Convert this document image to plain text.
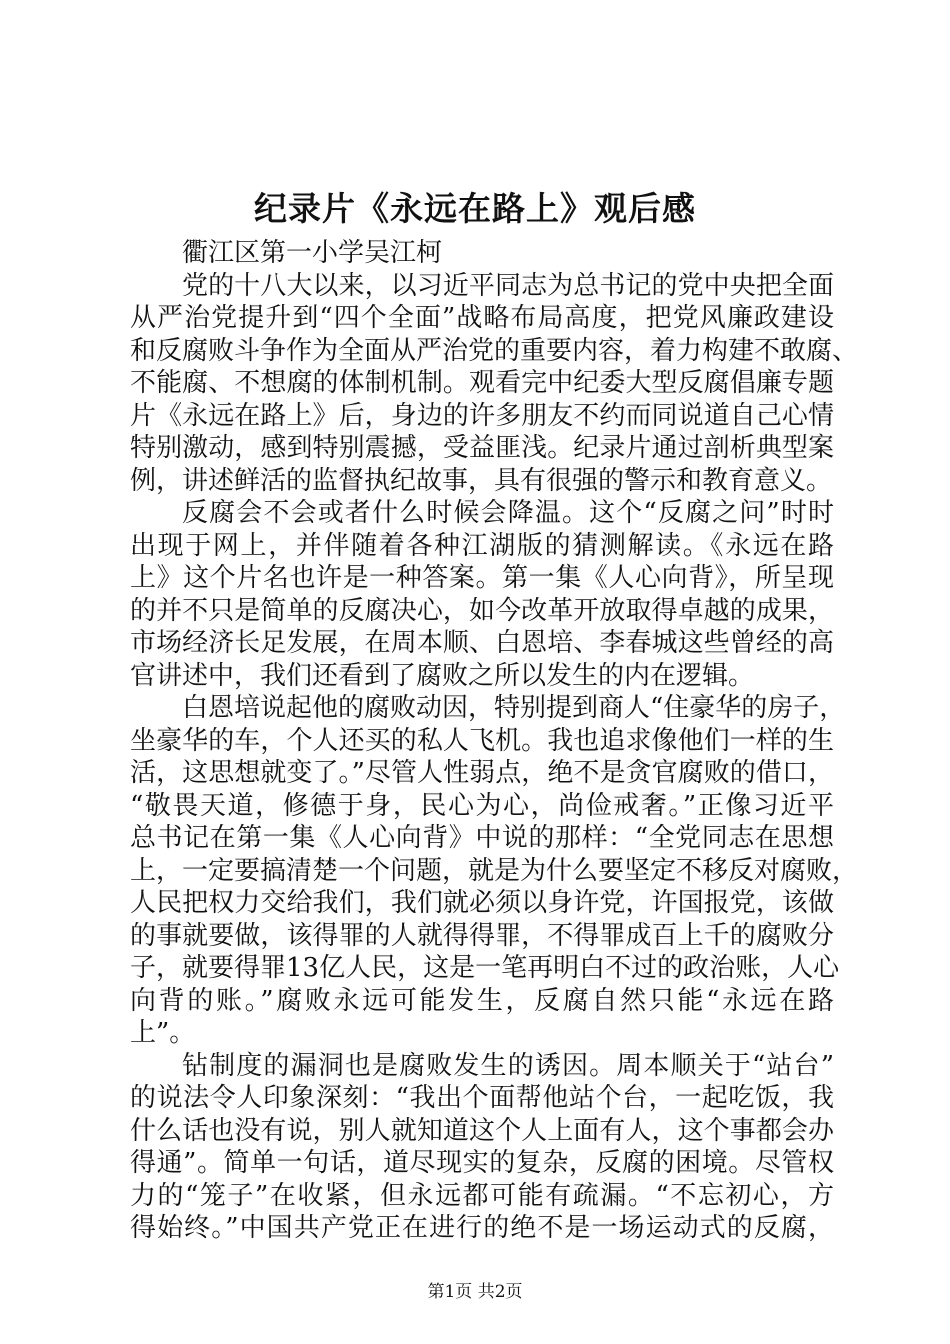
纪录片《永远在路上》观后感
衢江区第一小学吴江柯
党的十八大以来，以习近平同志为总书记的党中央把全面
从严治党提升到“四个全面”战略布局高度，把党风廉政建设
和反腐败斗争作为全面从严治党的重要内容，着力构建不敢腐、
不能腐、不想腐的体制机制。观看完中纪委大型反腐倡廉专题
片《永远在路上》后，身边的许多朋友不约而同说道自己心情
特别激动，感到特别震撼，受益匪浅。纪录片通过剖析典型案
例，讲述鲜活的监督执纪故事，具有很强的警示和教育意义。
反腐会不会或者什么时候会降温。这个“反腐之问”时时
出现于网上，并伴随着各种江湖版的猜测解读。《永远在路
上》这个片名也许是一种答案。第一集《人心向背》，所呈现
的并不只是简单的反腐决心，如今改革开放取得卓越的成果，
市场经济长足发展，在周本顺、白恩培、李春城这些曾经的高
官讲述中，我们还看到了腐败之所以发生的内在逻辑。
白恩培说起他的腐败动因，特别提到商人“住豪华的房子，
坐豪华的车，个人还买的私人飞机。我也追求像他们一样的生
活，这思想就变了。”尽管人性弱点，绝不是贪官腐败的借口，
“敬畏天道，修德于身，民心为心，尚俭戒奢。”正像习近平
总书记在第一集《人心向背》中说的那样：“全党同志在思想
上，一定要搞清楚一个问题，就是为什么要坚定不移反对腐败，
人民把权力交给我们，我们就必须以身许党，许国报党，该做
的事就要做，该得罪的人就得得罪，不得罪成百上千的腐败分
子，就要得罪13亿人民，这是一笔再明白不过的政治账，人心
向背的账。”腐败永远可能发生，反腐自然只能“永远在路
上”。
钻制度的漏洞也是腐败发生的诱因。周本顺关于“站台”
的说法令人印象深刻：“我出个面帮他站个台，一起吃饭，我
什么话也没有说，别人就知道这个人上面有人，这个事都会办
得通”。简单一句话，道尽现实的复杂，反腐的困境。尽管权
力的“笼子”在收紧，但永远都可能有疏漏。“不忘初心，方
得始终。”中国共产党正在进行的绝不是一场运动式的反腐，
第1页 共2页
